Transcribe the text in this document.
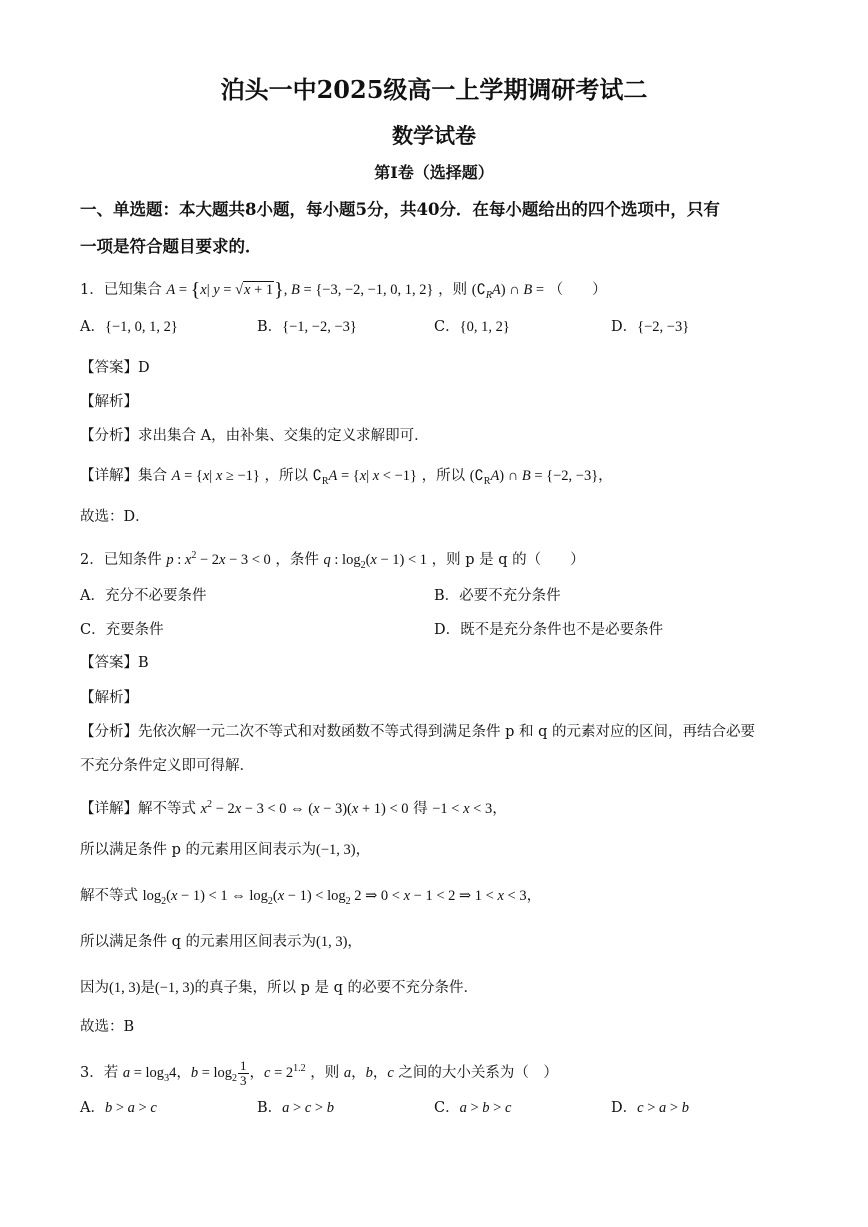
泊头一中2025级高一上学期调研考试二
数学试卷
第I卷（选择题）
一、单选题：本大题共8小题，每小题5分，共40分．在每小题给出的四个选项中，只有
一项是符合题目要求的．
1．已知集合 A = {x| y = √x + 1}, B = {−3, −2, −1, 0, 1, 2} ，则 $(∁_RA)$ ∩ B = （　　）
A．{−1, 0, 1, 2}	B．{−1, −2, −3}	C．{0, 1, 2}	D．{−2, −3}
【答案】D
【解析】
【分析】求出集合 A，由补集、交集的定义求解即可．
【详解】集合 A = {x| x ≥ −1} ，所以 $∁_RA = \{x|$ x < −1} ，所以 $(∁_RA)$ ∩ B = {−2, −3}，
故选：D．
2．已知条件 p : $x^2 - 2x - 3 < 0$ ，条件 q : $\log_2(x - 1) < 1$ ，则 p 是 q 的（　　）
A．充分不必要条件	B．必要不充分条件
C．充要条件	D．既不是充分条件也不是必要条件
【答案】B
【解析】
【分析】先依次解一元二次不等式和对数函数不等式得到满足条件 p 和 q 的元素对应的区间，再结合必要
不充分条件定义即可得解．
【详解】解不等式 $x^2 - 2x - 3 < 0$ ⇔ (x − 3)(x + 1) < 0 得 −1 < x < 3，
所以满足条件 p 的元素用区间表示为(−1, 3)，
解不等式 $\log_2(x - 1) < 1$ ⇔ $\log_2(x - 1) < \log_2 2$ ⇒ 0 < x − 1 < 2 ⇒ 1 < x < 3，
所以满足条件 q 的元素用区间表示为(1, 3)，
因为(1, 3)是(−1, 3)的真子集，所以 p 是 q 的必要不充分条件．
故选：B
3．若 $a = \log_34$，$b = \log_2 \frac{1}{3}$ ，$c = 2^{1.2}$ ，则 a，b，c 之间的大小关系为（　）
A．b > a > c	B．a > c > b	C．a > b > c	D．c > a > b
